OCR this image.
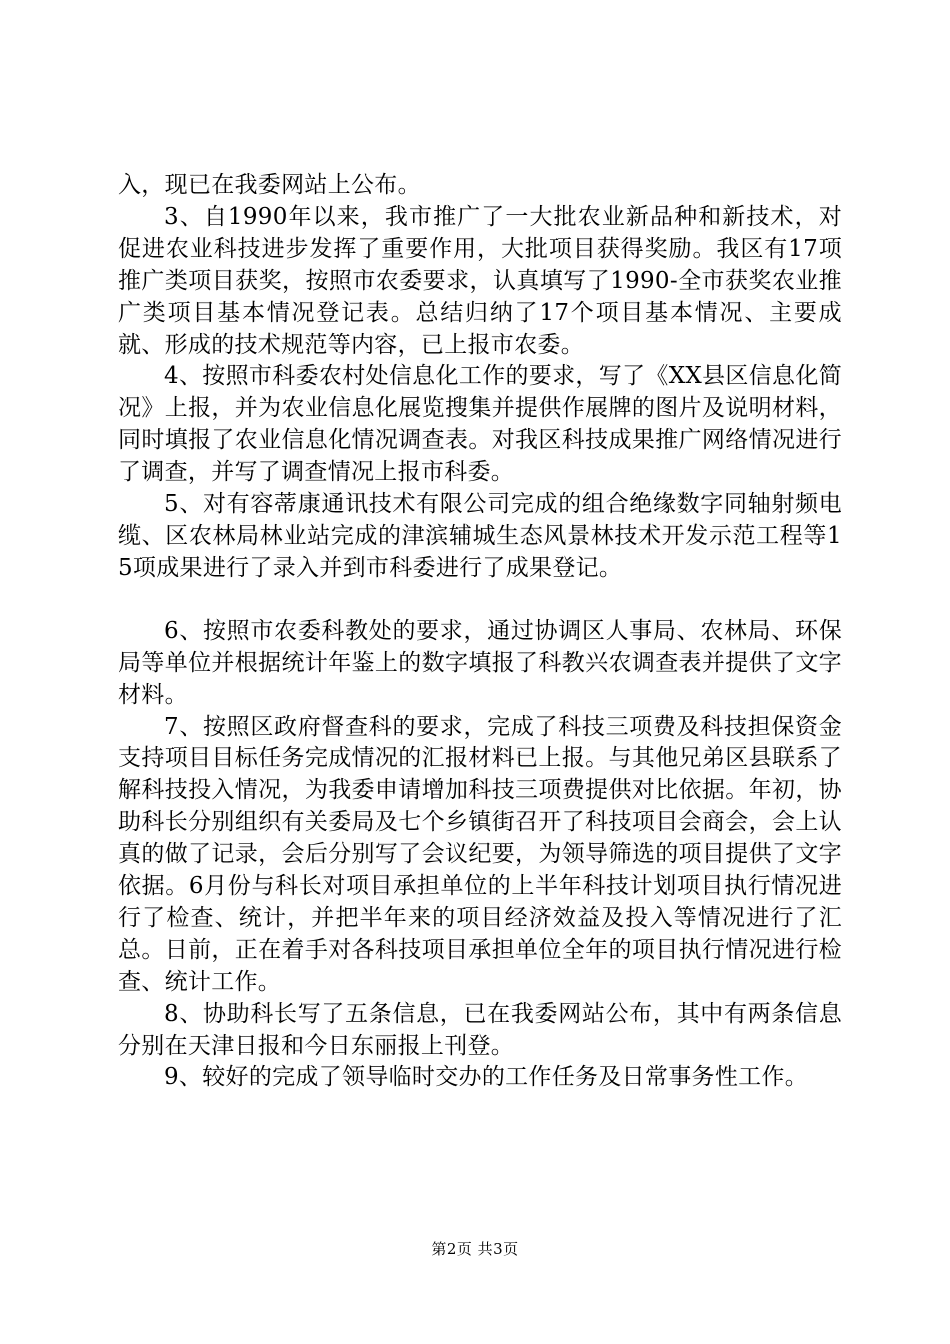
入，现已在我委网站上公布。

3、自1990年以来，我市推广了一大批农业新品种和新技术，对促进农业科技进步发挥了重要作用，大批项目获得奖励。我区有17项推广类项目获奖，按照市农委要求，认真填写了1990-全市获奖农业推广类项目基本情况登记表。总结归纳了17个项目基本情况、主要成就、形成的技术规范等内容，已上报市农委。

4、按照市科委农村处信息化工作的要求，写了《XX县区信息化简况》上报，并为农业信息化展览搜集并提供作展牌的图片及说明材料，同时填报了农业信息化情况调查表。对我区科技成果推广网络情况进行了调查，并写了调查情况上报市科委。

5、对有容蒂康通讯技术有限公司完成的组合绝缘数字同轴射频电缆、区农林局林业站完成的津滨辅城生态风景林技术开发示范工程等15项成果进行了录入并到市科委进行了成果登记。

6、按照市农委科教处的要求，通过协调区人事局、农林局、环保局等单位并根据统计年鉴上的数字填报了科教兴农调查表并提供了文字材料。

7、按照区政府督查科的要求，完成了科技三项费及科技担保资金支持项目目标任务完成情况的汇报材料已上报。与其他兄弟区县联系了解科技投入情况，为我委申请增加科技三项费提供对比依据。年初，协助科长分别组织有关委局及七个乡镇街召开了科技项目会商会，会上认真的做了记录，会后分别写了会议纪要，为领导筛选的项目提供了文字依据。6月份与科长对项目承担单位的上半年科技计划项目执行情况进行了检查、统计，并把半年来的项目经济效益及投入等情况进行了汇总。日前，正在着手对各科技项目承担单位全年的项目执行情况进行检查、统计工作。

8、协助科长写了五条信息，已在我委网站公布，其中有两条信息分别在天津日报和今日东丽报上刊登。

9、较好的完成了领导临时交办的工作任务及日常事务性工作。

第2页 共3页
